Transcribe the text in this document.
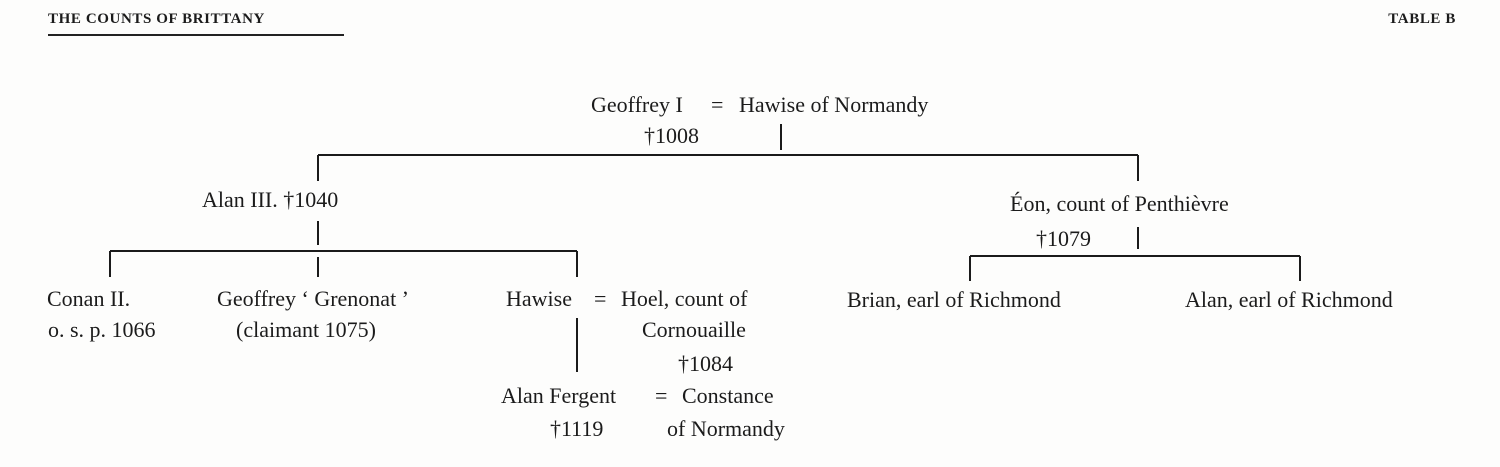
THE COUNTS OF BRITTANY	TABLE B
Geoffrey I = Hawise of Normandy
†1008
Alan III. †1040	Éon, count of Penthièvre
†1079
Conan II.
o. s. p. 1066
Geoffrey ‘ Grenonat ’
(claimant 1075)
Hawise = Hoel, count of
Cornouaille
†1084
Brian, earl of Richmond	Alan, earl of Richmond
Alan Fergent = Constance
†1119	of Normandy
